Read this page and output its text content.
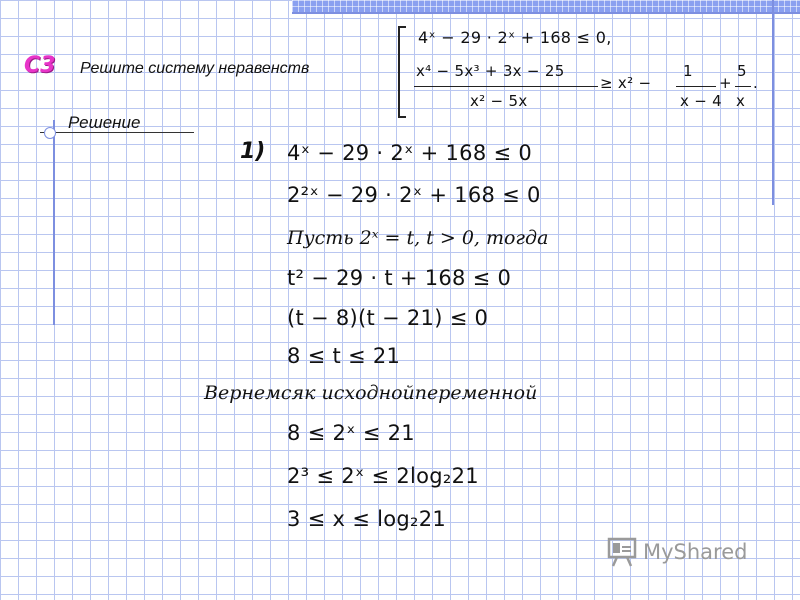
С3 Решите систему неравенств
4ˣ − 29 · 2ˣ + 168 ≤ 0,
x⁴ − 5x³ + 3x − 25
x² − 5x
≥ x² −
1
x − 4
+
5
x
.
Решение
1) 4ˣ − 29 · 2ˣ + 168 ≤ 0
2²ˣ − 29 · 2ˣ + 168 ≤ 0
Пусть 2ˣ = t, t > 0, тогда
t² − 29 · t + 168 ≤ 0
(t − 8)(t − 21) ≤ 0
8 ≤ t ≤ 21
Вернемсяк исходнойпеременной
8 ≤ 2ˣ ≤ 21
2³ ≤ 2ˣ ≤ 2log₂21
3 ≤ x ≤ log₂21
MyShared
